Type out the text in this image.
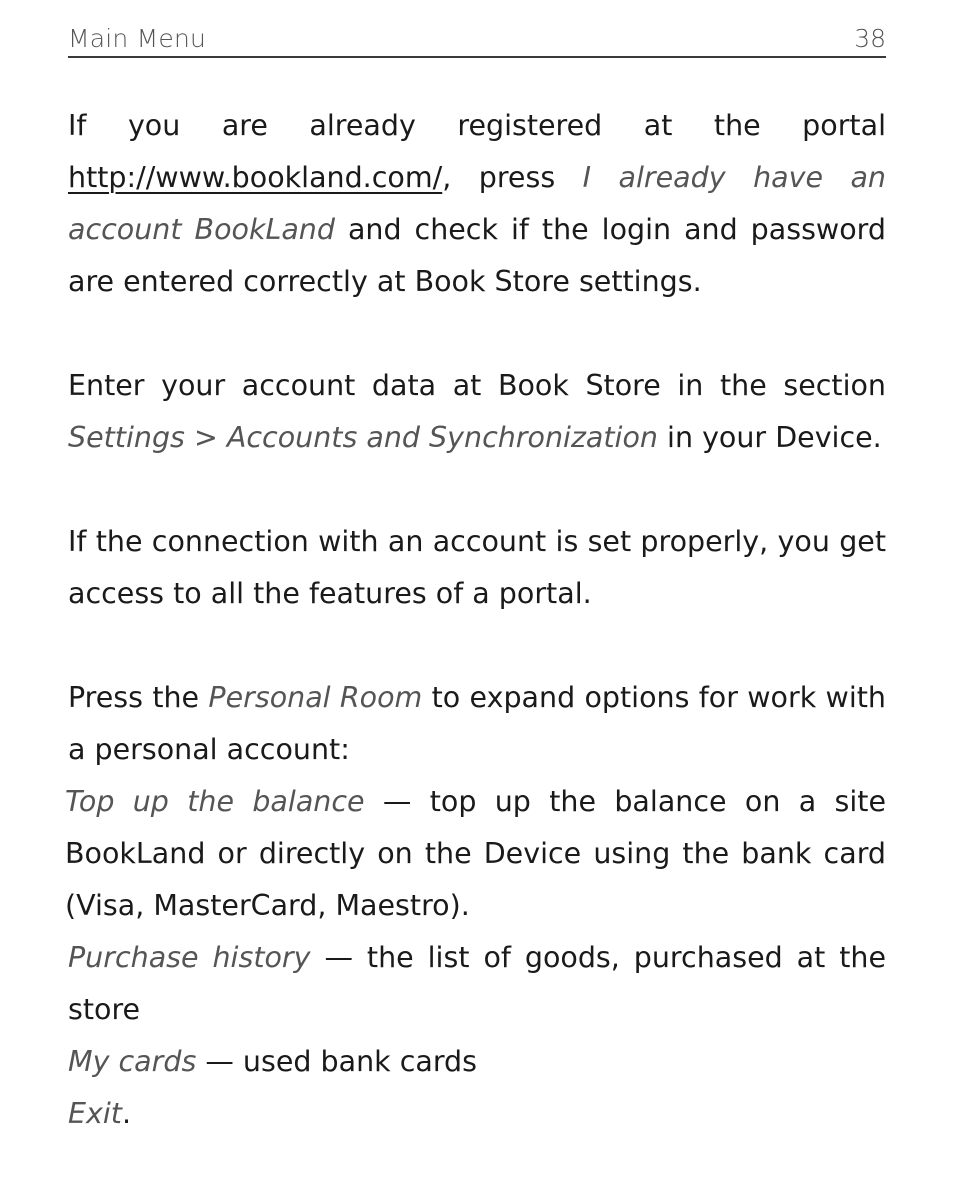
Main Menu	38

If you are already registered at the portal http://www.bookland.com/, press I already have an account BookLand and check if the login and password are entered correctly at Book Store settings.

Enter your account data at Book Store in the section Settings > Accounts and Synchronization in your Device.

If the connection with an account is set properly, you get access to all the features of a portal.

Press the Personal Room to expand options for work with a personal account:

Top up the balance — top up the balance on a site BookLand or directly on the Device using the bank card (Visa, MasterCard, Maestro).

Purchase history — the list of goods, purchased at the store

My cards — used bank cards

Exit.
